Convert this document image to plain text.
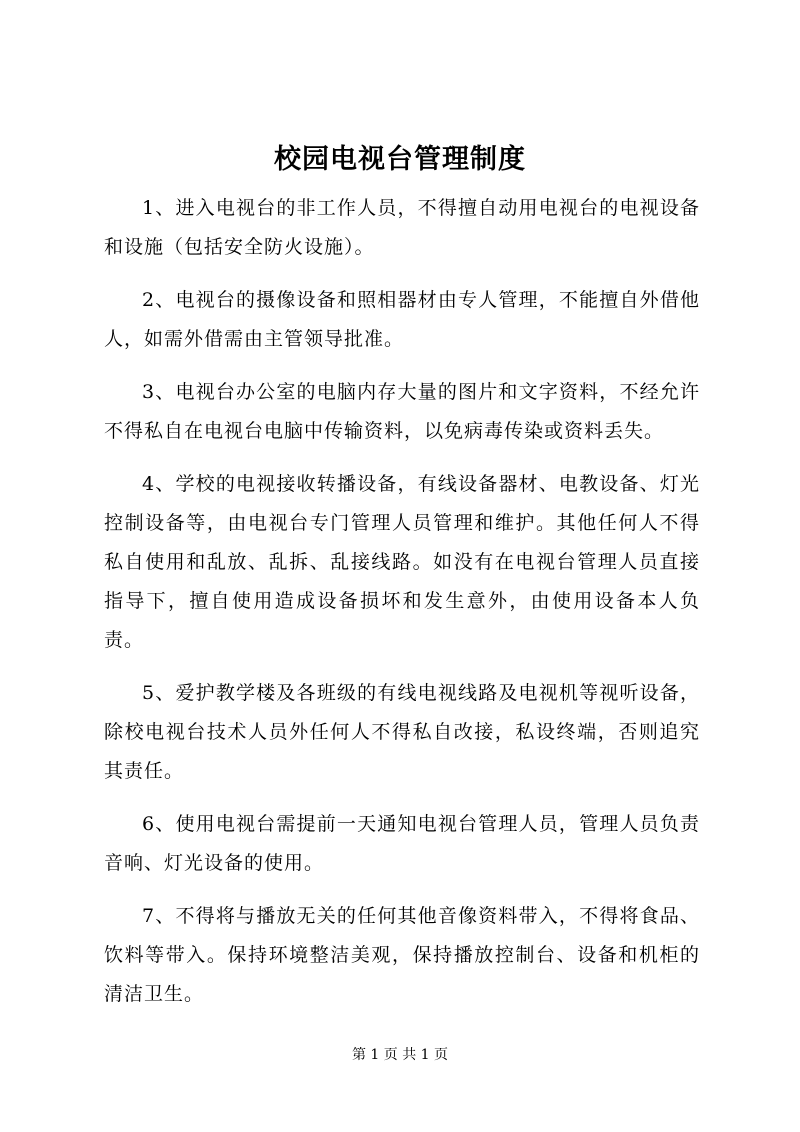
校园电视台管理制度

1、进入电视台的非工作人员，不得擅自动用电视台的电视设备和设施（包括安全防火设施）。

2、电视台的摄像设备和照相器材由专人管理，不能擅自外借他人，如需外借需由主管领导批准。

3、电视台办公室的电脑内存大量的图片和文字资料，不经允许不得私自在电视台电脑中传输资料，以免病毒传染或资料丢失。

4、学校的电视接收转播设备，有线设备器材、电教设备、灯光控制设备等，由电视台专门管理人员管理和维护。其他任何人不得私自使用和乱放、乱拆、乱接线路。如没有在电视台管理人员直接指导下，擅自使用造成设备损坏和发生意外，由使用设备本人负责。

5、爱护教学楼及各班级的有线电视线路及电视机等视听设备，除校电视台技术人员外任何人不得私自改接，私设终端，否则追究其责任。

6、使用电视台需提前一天通知电视台管理人员，管理人员负责音响、灯光设备的使用。

7、不得将与播放无关的任何其他音像资料带入，不得将食品、饮料等带入。保持环境整洁美观，保持播放控制台、设备和机柜的清洁卫生。

第 1 页 共 1 页
